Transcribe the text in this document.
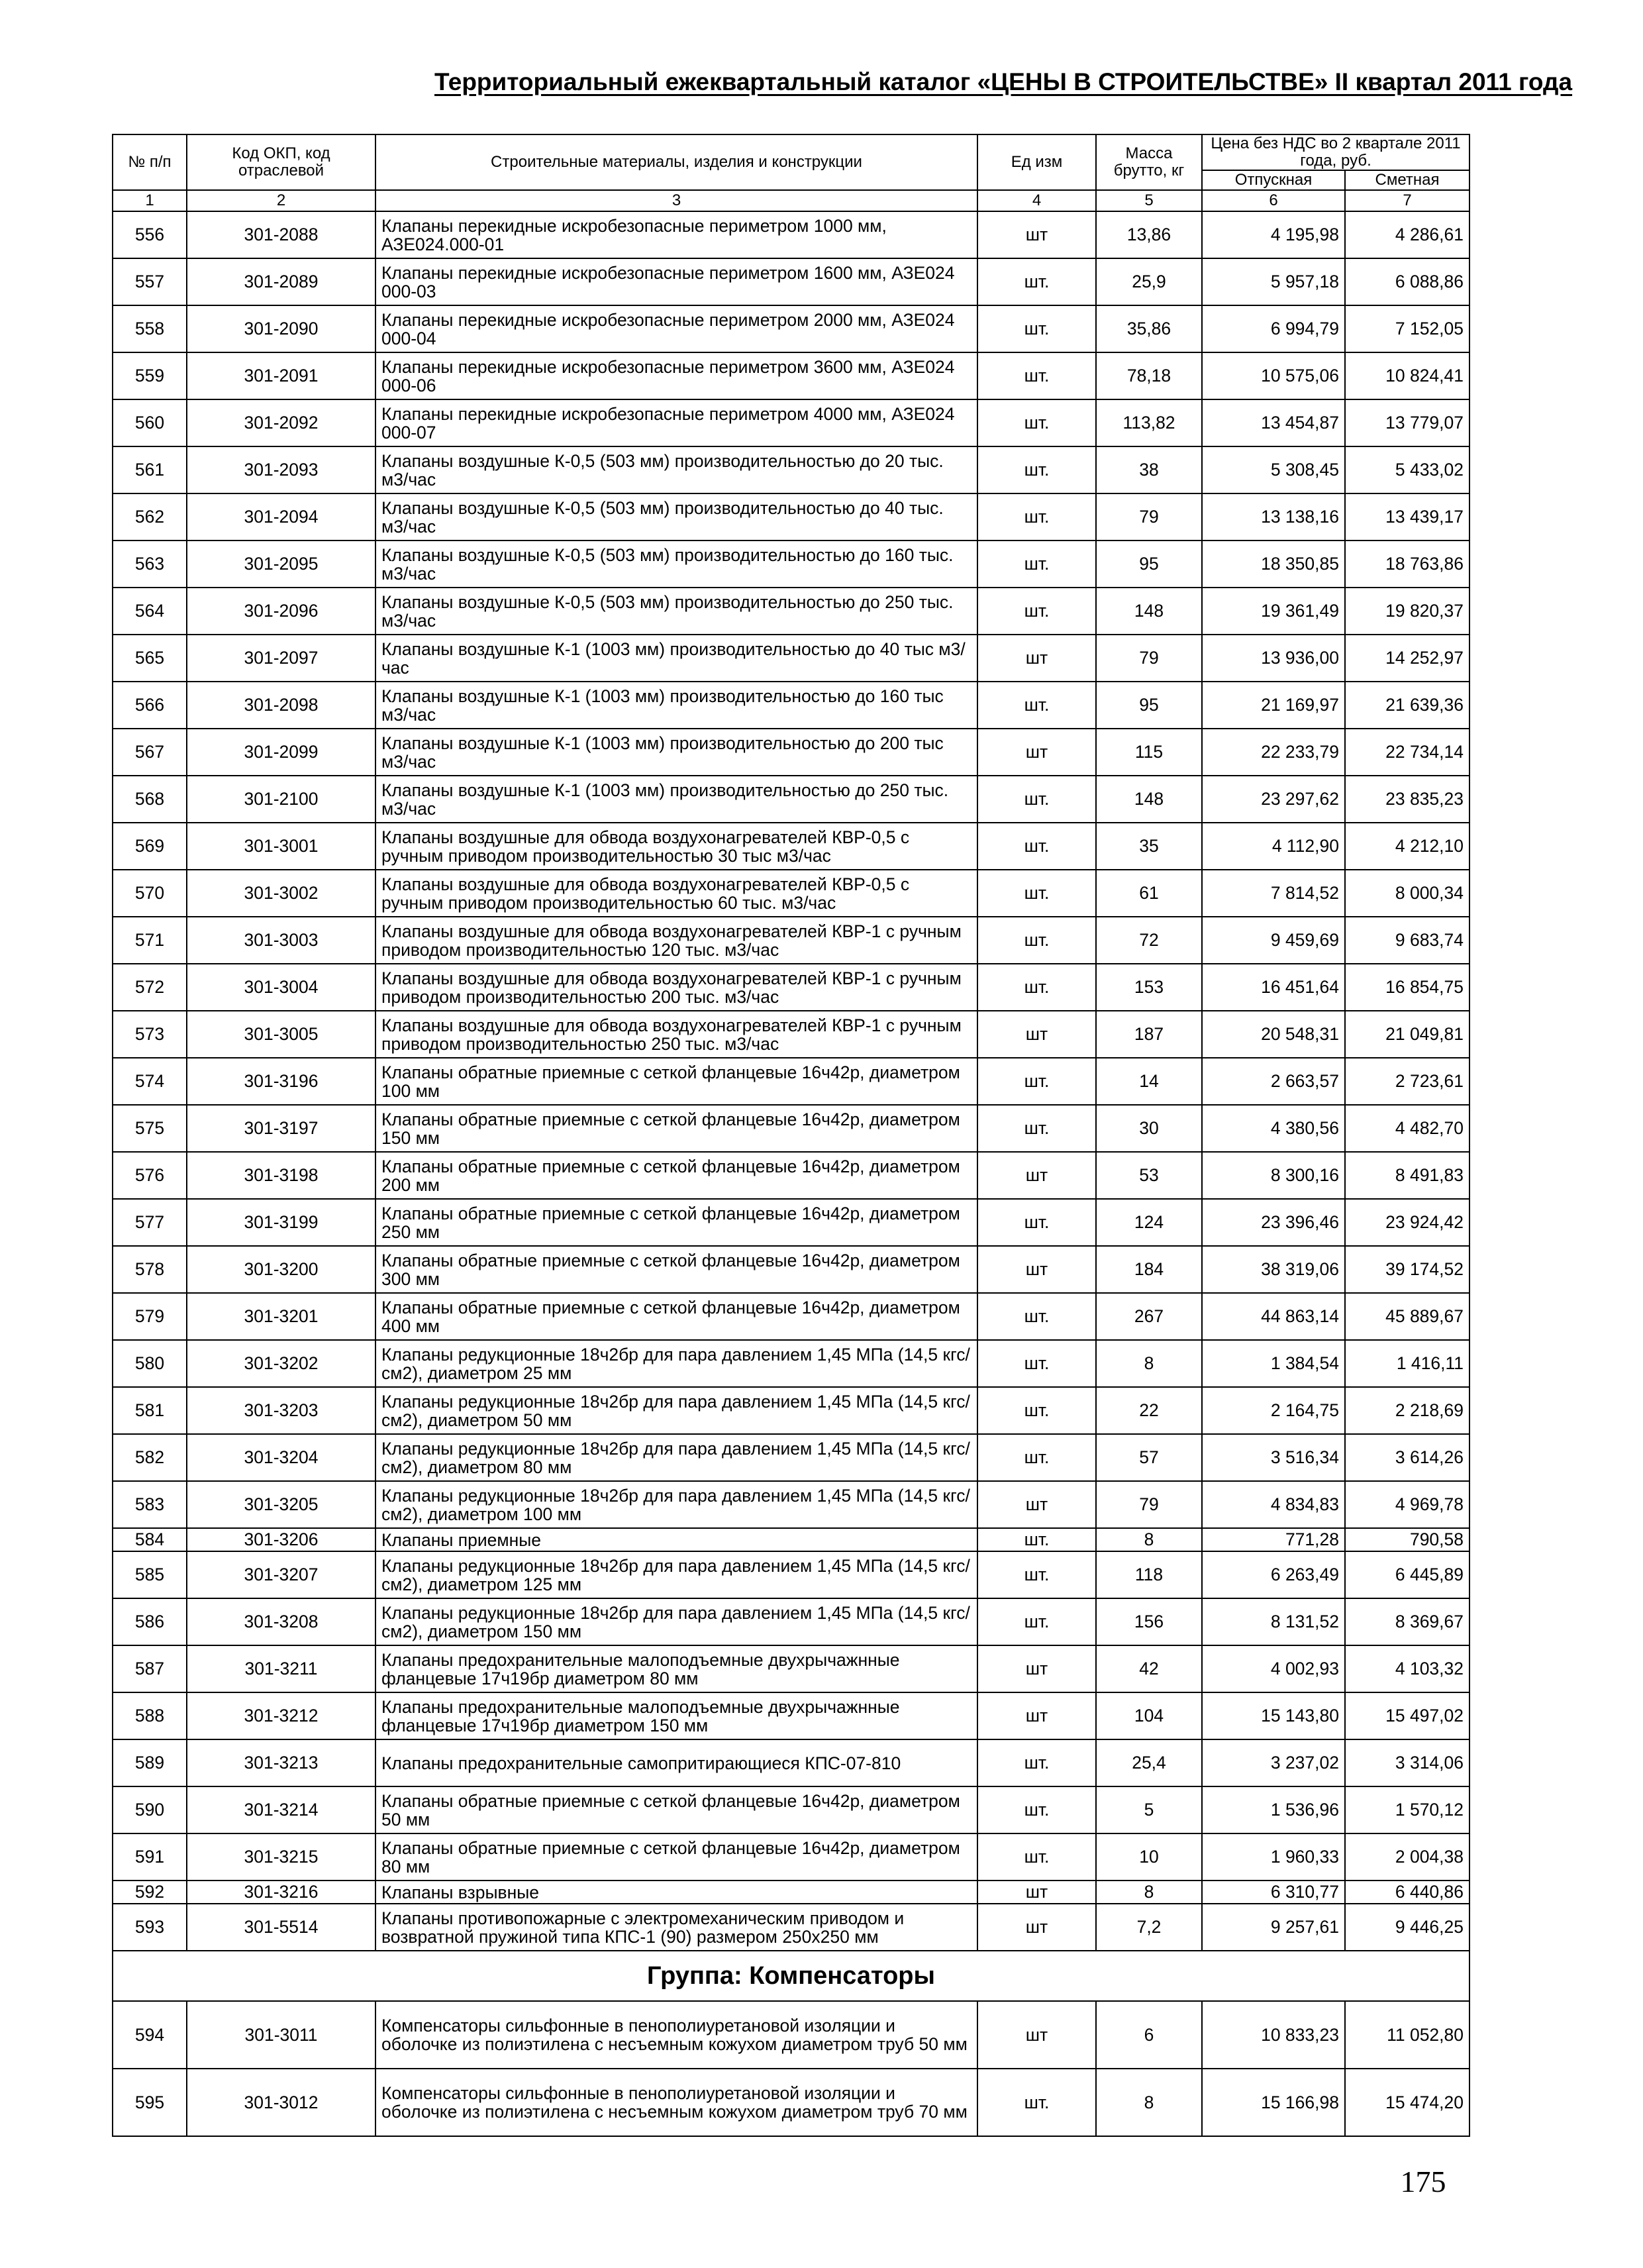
Территориальный ежеквартальный каталог «ЦЕНЫ В СТРОИТЕЛЬСТВЕ» II квартал 2011 года
№ п/п	Код ОКП, код отраслевой	Строительные материалы, изделия и конструкции	Ед изм	Масса брутто, кг	Цена без НДС во 2 квартале 2011 года, руб.	
					Отпускная	Сметная
1	2	3	4	5	6	7
556	301-2088	Клапаны перекидные искробезопасные периметром 1000 мм, АЗЕ024.000-01	шт	13,86	4 195,98	4 286,61
557	301-2089	Клапаны перекидные искробезопасные периметром 1600 мм, АЗЕ024 000-03	шт.	25,9	5 957,18	6 088,86
558	301-2090	Клапаны перекидные искробезопасные периметром 2000 мм, АЗЕ024 000-04	шт.	35,86	6 994,79	7 152,05
559	301-2091	Клапаны перекидные искробезопасные периметром 3600 мм, АЗЕ024 000-06	шт.	78,18	10 575,06	10 824,41
560	301-2092	Клапаны перекидные искробезопасные периметром 4000 мм, АЗЕ024 000-07	шт.	113,82	13 454,87	13 779,07
561	301-2093	Клапаны воздушные К-0,5 (503 мм) производительностью до 20 тыс. м3/час	шт.	38	5 308,45	5 433,02
562	301-2094	Клапаны воздушные К-0,5 (503 мм) производительностью до 40 тыс. м3/час	шт.	79	13 138,16	13 439,17
563	301-2095	Клапаны воздушные К-0,5 (503 мм) производительностью до 160 тыс. м3/час	шт.	95	18 350,85	18 763,86
564	301-2096	Клапаны воздушные К-0,5 (503 мм) производительностью до 250 тыс. м3/час	шт.	148	19 361,49	19 820,37
565	301-2097	Клапаны воздушные К-1 (1003 мм) производительностью до 40 тыс м3/час	шт	79	13 936,00	14 252,97
566	301-2098	Клапаны воздушные К-1 (1003 мм) производительностью до 160 тыс м3/час	шт.	95	21 169,97	21 639,36
567	301-2099	Клапаны воздушные К-1 (1003 мм) производительностью до 200 тыс м3/час	шт	115	22 233,79	22 734,14
568	301-2100	Клапаны воздушные К-1 (1003 мм) производительностью до 250 тыс. м3/час	шт.	148	23 297,62	23 835,23
569	301-3001	Клапаны воздушные для обвода воздухонагревателей КВР-0,5 с ручным приводом производительностью 30 тыс м3/час	шт.	35	4 112,90	4 212,10
570	301-3002	Клапаны воздушные для обвода воздухонагревателей КВР-0,5 с ручным приводом производительностью 60 тыс. м3/час	шт.	61	7 814,52	8 000,34
571	301-3003	Клапаны воздушные для обвода воздухонагревателей КВР-1 с ручным приводом производительностью 120 тыс. м3/час	шт.	72	9 459,69	9 683,74
572	301-3004	Клапаны воздушные для обвода воздухонагревателей КВР-1 с ручным приводом производительностью 200 тыс. м3/час	шт.	153	16 451,64	16 854,75
573	301-3005	Клапаны воздушные для обвода воздухонагревателей КВР-1 с ручным приводом производительностью 250 тыс. м3/час	шт	187	20 548,31	21 049,81
574	301-3196	Клапаны обратные приемные с сеткой фланцевые 16ч42р, диаметром 100 мм	шт.	14	2 663,57	2 723,61
575	301-3197	Клапаны обратные приемные с сеткой фланцевые 16ч42р, диаметром 150 мм	шт.	30	4 380,56	4 482,70
576	301-3198	Клапаны обратные приемные с сеткой фланцевые 16ч42р, диаметром 200 мм	шт	53	8 300,16	8 491,83
577	301-3199	Клапаны обратные приемные с сеткой фланцевые 16ч42р, диаметром 250 мм	шт.	124	23 396,46	23 924,42
578	301-3200	Клапаны обратные приемные с сеткой фланцевые 16ч42р, диаметром 300 мм	шт	184	38 319,06	39 174,52
579	301-3201	Клапаны обратные приемные с сеткой фланцевые 16ч42р, диаметром 400 мм	шт.	267	44 863,14	45 889,67
580	301-3202	Клапаны редукционные 18ч2бр для пара давлением 1,45 МПа (14,5 кгс/см2), диаметром 25 мм	шт.	8	1 384,54	1 416,11
581	301-3203	Клапаны редукционные 18ч2бр для пара давлением 1,45 МПа (14,5 кгс/см2), диаметром 50 мм	шт.	22	2 164,75	2 218,69
582	301-3204	Клапаны редукционные 18ч2бр для пара давлением 1,45 МПа (14,5 кгс/см2), диаметром 80 мм	шт.	57	3 516,34	3 614,26
583	301-3205	Клапаны редукционные 18ч2бр для пара давлением 1,45 МПа (14,5 кгс/см2), диаметром 100 мм	шт	79	4 834,83	4 969,78
584	301-3206	Клапаны приемные	шт.	8	771,28	790,58
585	301-3207	Клапаны редукционные 18ч2бр для пара давлением 1,45 МПа (14,5 кгс/см2), диаметром 125 мм	шт.	118	6 263,49	6 445,89
586	301-3208	Клапаны редукционные 18ч2бр для пара давлением 1,45 МПа (14,5 кгс/см2), диаметром 150 мм	шт.	156	8 131,52	8 369,67
587	301-3211	Клапаны предохранительные малоподъемные двухрычажнные фланцевые 17ч19бр диаметром 80 мм	шт	42	4 002,93	4 103,32
588	301-3212	Клапаны предохранительные малоподъемные двухрычажнные фланцевые 17ч19бр диаметром 150 мм	шт	104	15 143,80	15 497,02
589	301-3213	Клапаны предохранительные самопритирающиеся КПС-07-810	шт.	25,4	3 237,02	3 314,06
590	301-3214	Клапаны обратные приемные с сеткой фланцевые 16ч42р, диаметром 50 мм	шт.	5	1 536,96	1 570,12
591	301-3215	Клапаны обратные приемные с сеткой фланцевые 16ч42р, диаметром 80 мм	шт.	10	1 960,33	2 004,38
592	301-3216	Клапаны взрывные	шт	8	6 310,77	6 440,86
593	301-5514	Клапаны противопожарные с электромеханическим приводом и возвратной пружиной типа КПС-1 (90) размером 250х250 мм	шт	7,2	9 257,61	9 446,25
Группа: Компенсаторы						
594	301-3011	Компенсаторы сильфонные в пенополиуретановой изоляции и оболочке из полиэтилена с несъемным кожухом диаметром труб 50 мм	шт	6	10 833,23	11 052,80
595	301-3012	Компенсаторы сильфонные в пенополиуретановой изоляции и оболочке из полиэтилена с несъемным кожухом диаметром труб 70 мм	шт.	8	15 166,98	15 474,20
175
